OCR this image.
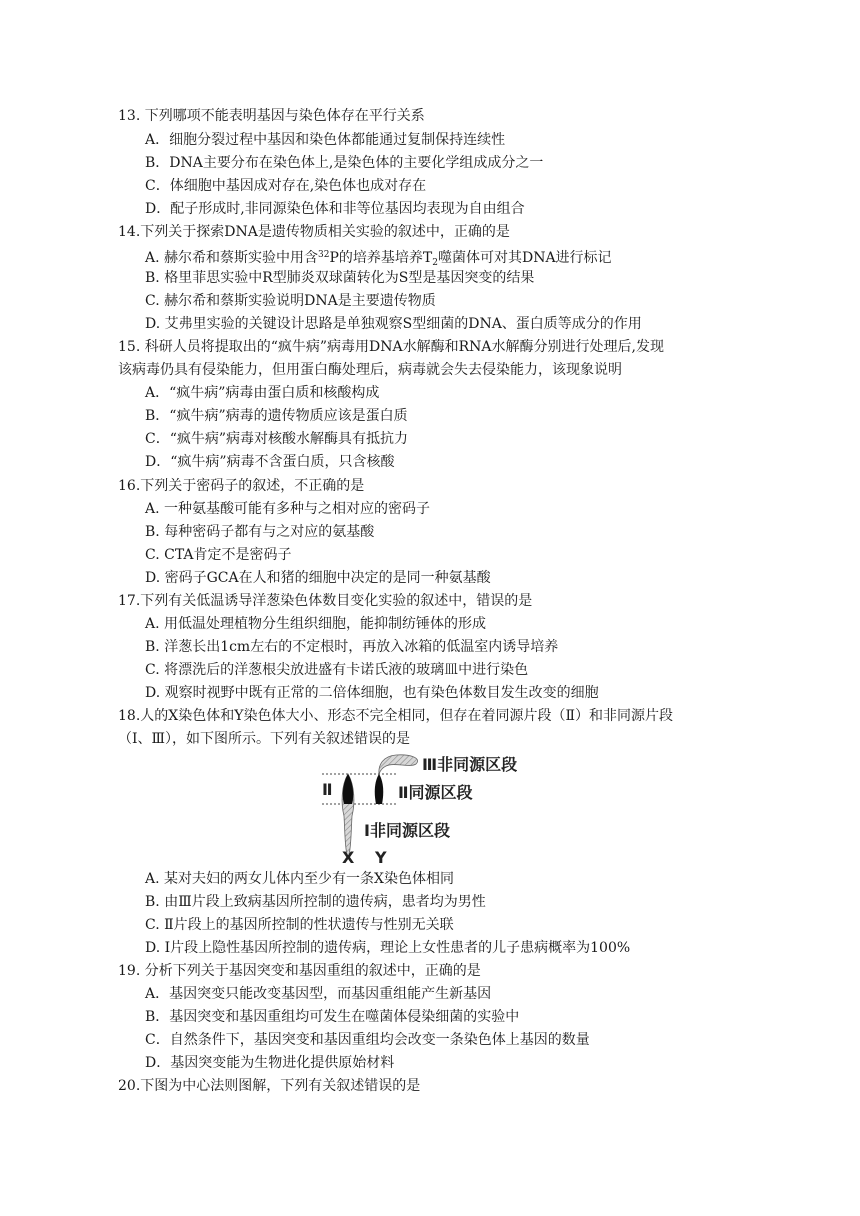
13. 下列哪项不能表明基因与染色体存在平行关系
A．细胞分裂过程中基因和染色体都能通过复制保持连续性
B．DNA主要分布在染色体上,是染色体的主要化学组成成分之一
C．体细胞中基因成对存在,染色体也成对存在
D．配子形成时,非同源染色体和非等位基因均表现为自由组合
14.下列关于探索DNA是遗传物质相关实验的叙述中，正确的是
A. 赫尔希和蔡斯实验中用含$^{32}$P的培养基培养$T_2$噬菌体可对其DNA进行标记
B. 格里菲思实验中R型肺炎双球菌转化为S型是基因突变的结果
C. 赫尔希和蔡斯实验说明DNA是主要遗传物质
D. 艾弗里实验的关键设计思路是单独观察S型细菌的DNA、蛋白质等成分的作用
15. 科研人员将提取出的“疯牛病”病毒用DNA水解酶和RNA水解酶分别进行处理后,发现
该病毒仍具有侵染能力，但用蛋白酶处理后，病毒就会失去侵染能力，该现象说明
A．“疯牛病”病毒由蛋白质和核酸构成
B．“疯牛病”病毒的遗传物质应该是蛋白质
C．“疯牛病”病毒对核酸水解酶具有抵抗力
D．“疯牛病”病毒不含蛋白质，只含核酸
16.下列关于密码子的叙述，不正确的是
A. 一种氨基酸可能有多种与之相对应的密码子
B. 每种密码子都有与之对应的氨基酸
C. CTA肯定不是密码子
D. 密码子GCA在人和猪的细胞中决定的是同一种氨基酸
17.下列有关低温诱导洋葱染色体数目变化实验的叙述中，错误的是
A. 用低温处理植物分生组织细胞，能抑制纺锤体的形成
B. 洋葱长出1cm左右的不定根时，再放入冰箱的低温室内诱导培养
C. 将漂洗后的洋葱根尖放进盛有卡诺氏液的玻璃皿中进行染色
D. 观察时视野中既有正常的二倍体细胞，也有染色体数目发生改变的细胞
18.人的X染色体和Y染色体大小、形态不完全相同，但存在着同源片段（Ⅱ）和非同源片段
（Ⅰ、Ⅲ），如下图所示。下列有关叙述错误的是
Ⅲ非同源区段
Ⅱ	Ⅱ同源区段
Ⅰ非同源区段
X Y
A. 某对夫妇的两女儿体内至少有一条X染色体相同
B. 由Ⅲ片段上致病基因所控制的遗传病，患者均为男性
C. Ⅱ片段上的基因所控制的性状遗传与性别无关联
D. Ⅰ片段上隐性基因所控制的遗传病，理论上女性患者的儿子患病概率为100%
19. 分析下列关于基因突变和基因重组的叙述中，正确的是
A．基因突变只能改变基因型，而基因重组能产生新基因
B．基因突变和基因重组均可发生在噬菌体侵染细菌的实验中
C．自然条件下，基因突变和基因重组均会改变一条染色体上基因的数量
D．基因突变能为生物进化提供原始材料
20.下图为中心法则图解，下列有关叙述错误的是
